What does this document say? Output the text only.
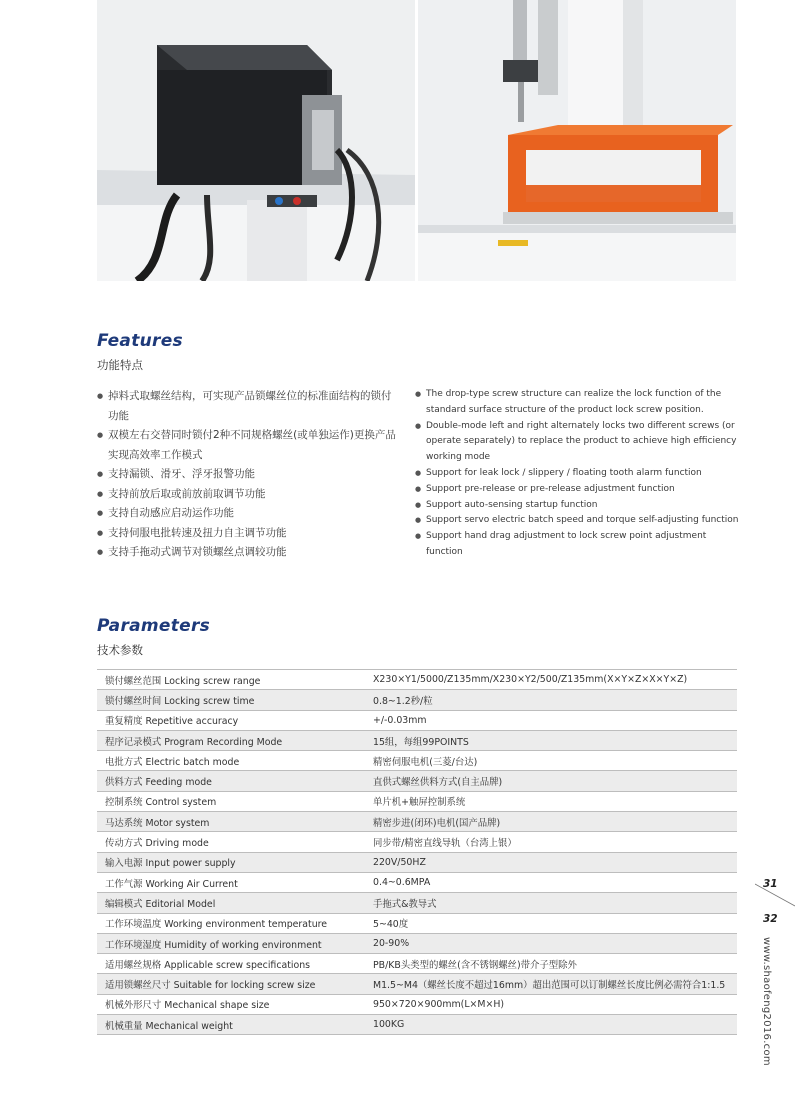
Features
功能特点
● 掉料式取螺丝结构，可实现产品锁螺丝位的标准面结构的锁付功能
● 双模左右交替同时锁付2种不同规格螺丝(或单独运作)更换产品实现高效率工作模式
● 支持漏锁、滑牙、浮牙报警功能
● 支持前放后取或前放前取调节功能
● 支持自动感应启动运作功能
● 支持伺服电批转速及扭力自主调节功能
● 支持手拖动式调节对锁螺丝点调较功能
● The drop-type screw structure can realize the lock function of the standard surface structure of the product lock screw position.
● Double-mode left and right alternately locks two different screws (or operate separately) to replace the product to achieve high efficiency working mode
● Support for leak lock / slippery / floating tooth alarm function
● Support pre-release or pre-release adjustment function
● Support auto-sensing startup function
● Support servo electric batch speed and torque self-adjusting function
● Support hand drag adjustment to lock screw point adjustment function
Parameters
技术参数
锁付螺丝范围 Locking screw range	X230×Y1/5000/Z135mm/X230×Y2/500/Z135mm(X×Y×Z×X×Y×Z)
锁付螺丝时间 Locking screw time	0.8~1.2秒/粒
重复精度 Repetitive accuracy	+/-0.03mm
程序记录模式 Program Recording Mode	15组，每组99POINTS
电批方式 Electric batch mode	精密伺服电机(三菱/台达)
供料方式 Feeding mode	直供式螺丝供料方式(自主品牌)
控制系统 Control system	单片机+触屏控制系统
马达系统 Motor system	精密步进(闭环)电机(国产品牌)
传动方式 Driving mode	同步带/精密直线导轨（台湾上银）
输入电源 Input power supply	220V/50HZ
工作气源 Working Air Current	0.4~0.6MPA
编辑模式 Editorial Model	手拖式&教导式
工作环境温度 Working environment temperature	5~40度
工作环境湿度 Humidity of working environment	20-90%
适用螺丝规格 Applicable screw specifications	PB/KB头类型的螺丝(含不锈钢螺丝)带介子型除外
适用锁螺丝尺寸 Suitable for locking screw size	M1.5~M4（螺丝长度不超过16mm）超出范围可以订制螺丝长度比例必需符合1:1.5
机械外形尺寸 Mechanical shape size	950×720×900mm(L×M×H)
机械重量 Mechanical weight	100KG
31
32
www.shaofeng2016.com
